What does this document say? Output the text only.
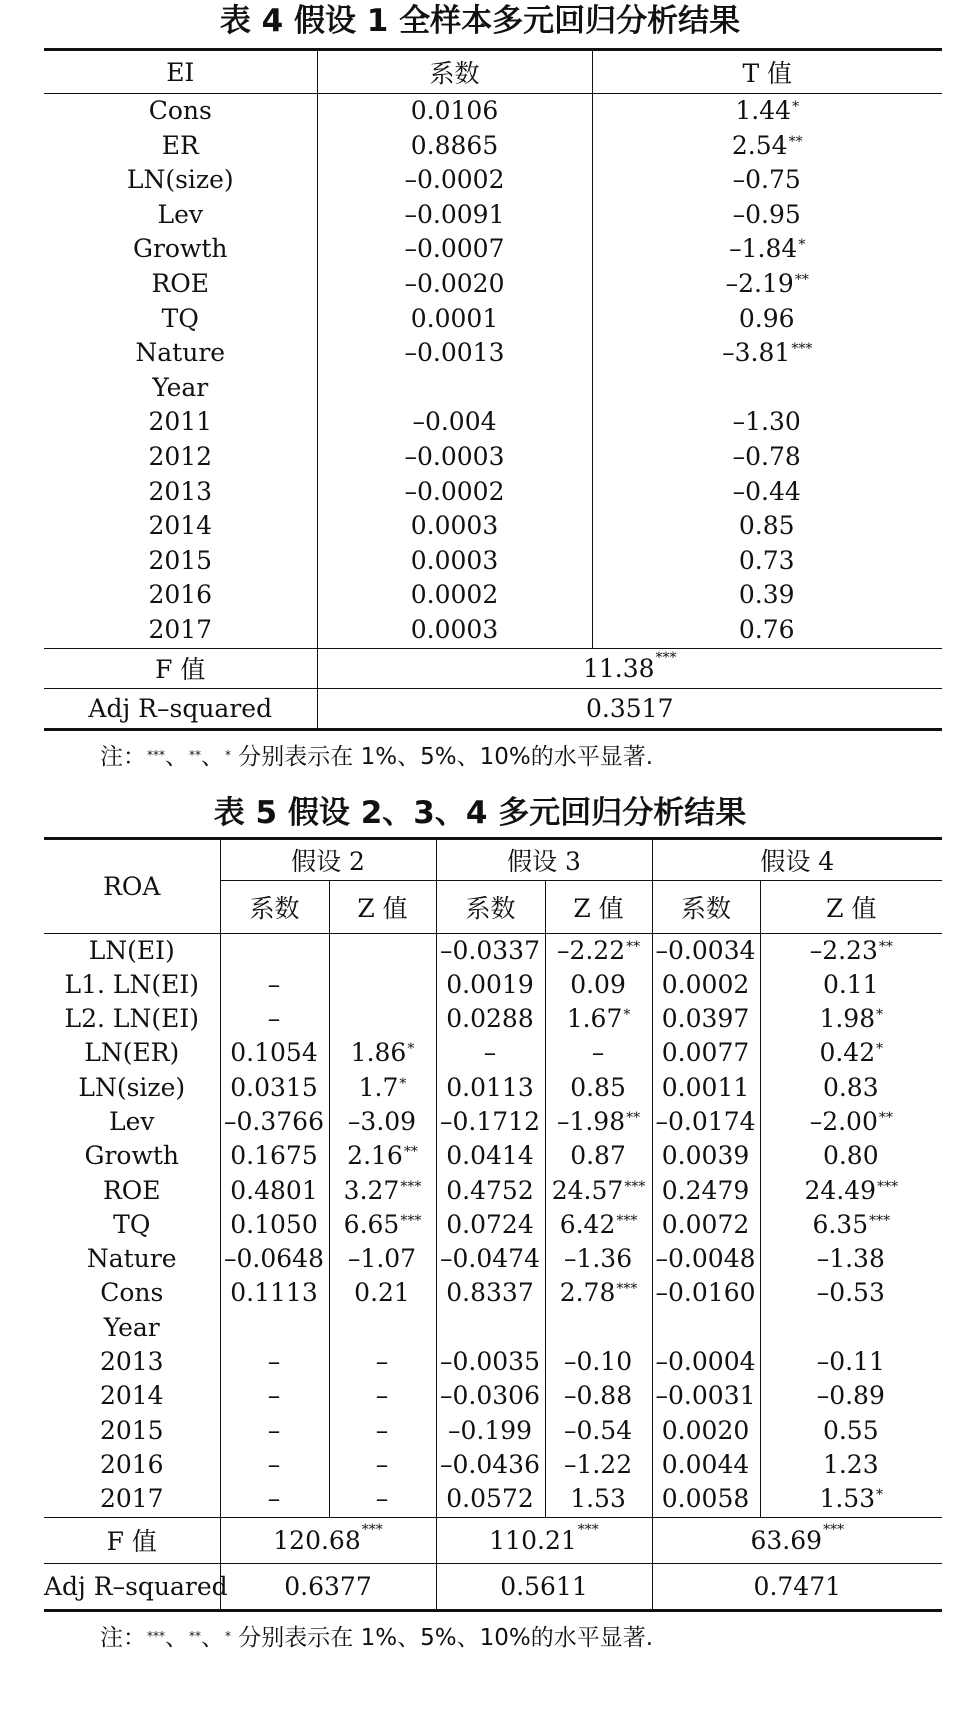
表 4 假设 1 全样本多元回归分析结果
EI	系数	T 值
Cons	0.0106	1.44*
ER	0.8865	2.54**
LN(size)	–0.0002	–0.75
Lev	–0.0091	–0.95
Growth	–0.0007	–1.84*
ROE	–0.0020	–2.19**
TQ	0.0001	0.96
Nature	–0.0013	–3.81***
Year		
2011	–0.004	–1.30
2012	–0.0003	–0.78
2013	–0.0002	–0.44
2014	0.0003	0.85
2015	0.0003	0.73
2016	0.0002	0.39
2017	0.0003	0.76
F 值	11.38***
Adj R–squared	0.3517	
注：***、**、* 分别表示在 1%、5%、10%的水平显著.
表 5 假设 2、3、4 多元回归分析结果
ROA	假设 2		假设 3		假设 4	
	系数	Z 值	系数	Z 值	系数	Z 值
LN(EI)			–0.0337	–2.22**	–0.0034	–2.23**
L1. LN(EI)	–		0.0019	0.09	0.0002	0.11
L2. LN(EI)	–		0.0288	1.67*	0.0397	1.98*
LN(ER)	0.1054	1.86*	–	–	0.0077	0.42*
LN(size)	0.0315	1.7*	0.0113	0.85	0.0011	0.83
Lev	–0.3766	–3.09	–0.1712	–1.98**	–0.0174	–2.00**
Growth	0.1675	2.16**	0.0414	0.87	0.0039	0.80
ROE	0.4801	3.27***	0.4752	24.57***	0.2479	24.49***
TQ	0.1050	6.65***	0.0724	6.42***	0.0072	6.35***
Nature	–0.0648	–1.07	–0.0474	–1.36	–0.0048	–1.38
Cons	0.1113	0.21	0.8337	2.78***	–0.0160	–0.53
Year						
2013	–	–	–0.0035	–0.10	–0.0004	–0.11
2014	–	–	–0.0306	–0.88	–0.0031	–0.89
2015	–	–	–0.199	–0.54	0.0020	0.55
2016	–	–	–0.0436	–1.22	0.0044	1.23
2017	–	–	0.0572	1.53	0.0058	1.53*
F 值	120.68***		110.21***		63.69***
Adj R–squared	0.6377		0.5611		0.7471	
注：***、**、* 分别表示在 1%、5%、10%的水平显著.
